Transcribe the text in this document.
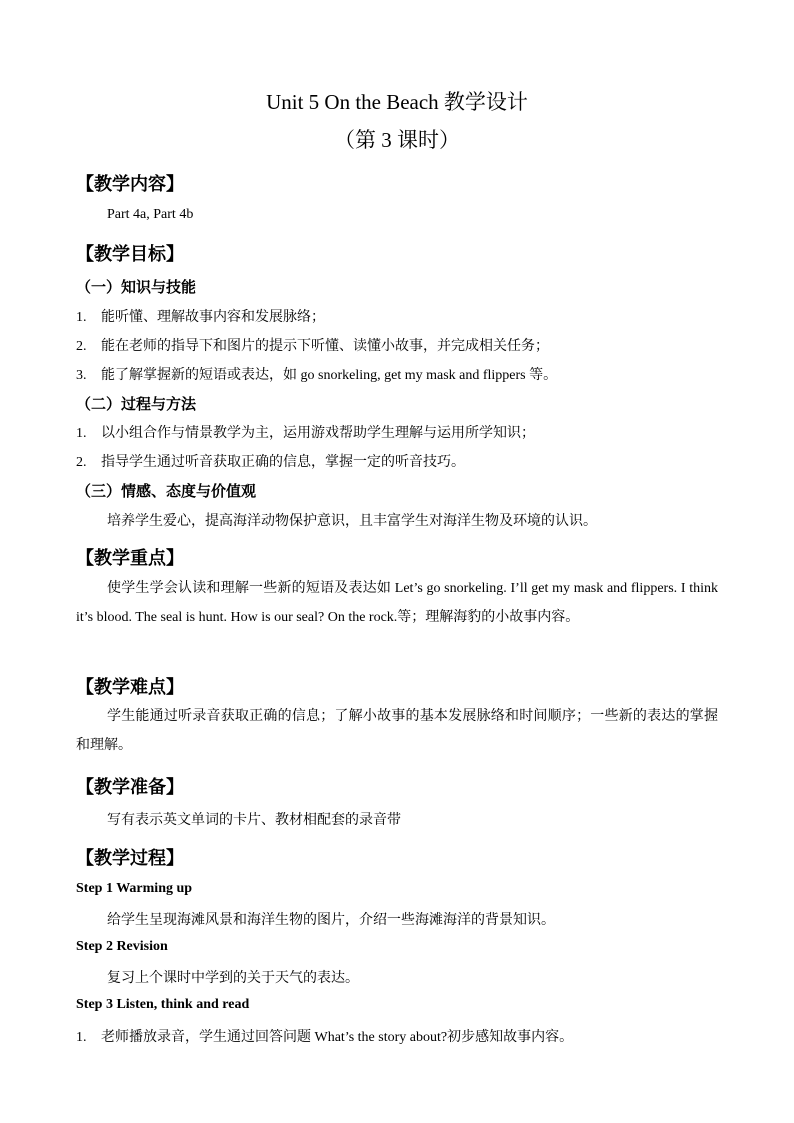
Unit 5 On the Beach 教学设计
（第 3 课时）
【教学内容】
Part 4a, Part 4b
【教学目标】
（一）知识与技能
1. 能听懂、理解故事内容和发展脉络；
2. 能在老师的指导下和图片的提示下听懂、读懂小故事，并完成相关任务；
3. 能了解掌握新的短语或表达，如 go snorkeling, get my mask and flippers 等。
（二）过程与方法
1. 以小组合作与情景教学为主，运用游戏帮助学生理解与运用所学知识；
2. 指导学生通过听音获取正确的信息，掌握一定的听音技巧。
（三）情感、态度与价值观
培养学生爱心，提高海洋动物保护意识，且丰富学生对海洋生物及环境的认识。
【教学重点】
使学生学会认读和理解一些新的短语及表达如 Let’s go snorkeling. I’ll get my mask and flippers. I think it’s blood. The seal is hunt. How is our seal? On the rock.等；理解海豹的小故事内容。
【教学难点】
学生能通过听录音获取正确的信息；了解小故事的基本发展脉络和时间顺序；一些新的表达的掌握和理解。
【教学准备】
写有表示英文单词的卡片、教材相配套的录音带
【教学过程】
Step 1 Warming up
给学生呈现海滩风景和海洋生物的图片，介绍一些海滩海洋的背景知识。
Step 2 Revision
复习上个课时中学到的关于天气的表达。
Step 3 Listen, think and read
1. 老师播放录音，学生通过回答问题 What’s the story about?初步感知故事内容。
